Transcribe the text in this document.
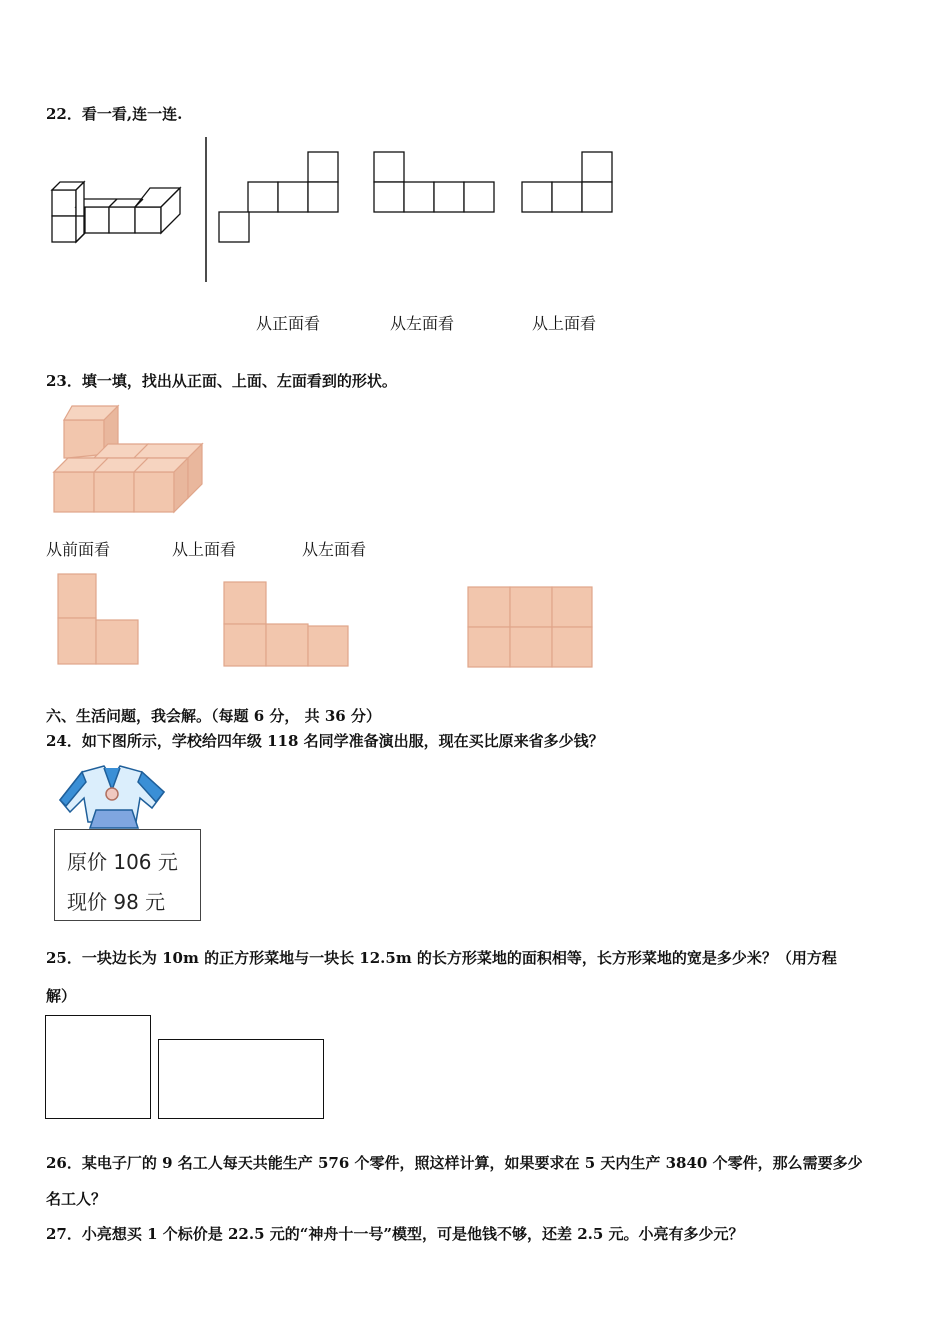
22．看一看,连一连.
从正面看	从左面看	从上面看
23．填一填，找出从正面、上面、左面看到的形状。
从前面看	从上面看	从左面看
六、生活问题，我会解。（每题 6 分， 共 36 分）
24．如下图所示，学校给四年级 118 名同学准备演出服，现在买比原来省多少钱？
原价 106 元
现价 98 元
25．一块边长为 10m 的正方形菜地与一块长 12.5m 的长方形菜地的面积相等，长方形菜地的宽是多少米？（用方程
解）
26．某电子厂的 9 名工人每天共能生产 576 个零件，照这样计算，如果要求在 5 天内生产 3840 个零件，那么需要多少
名工人？
27．小亮想买 1 个标价是 22.5 元的“神舟十一号”模型，可是他钱不够，还差 2.5 元。小亮有多少元？
